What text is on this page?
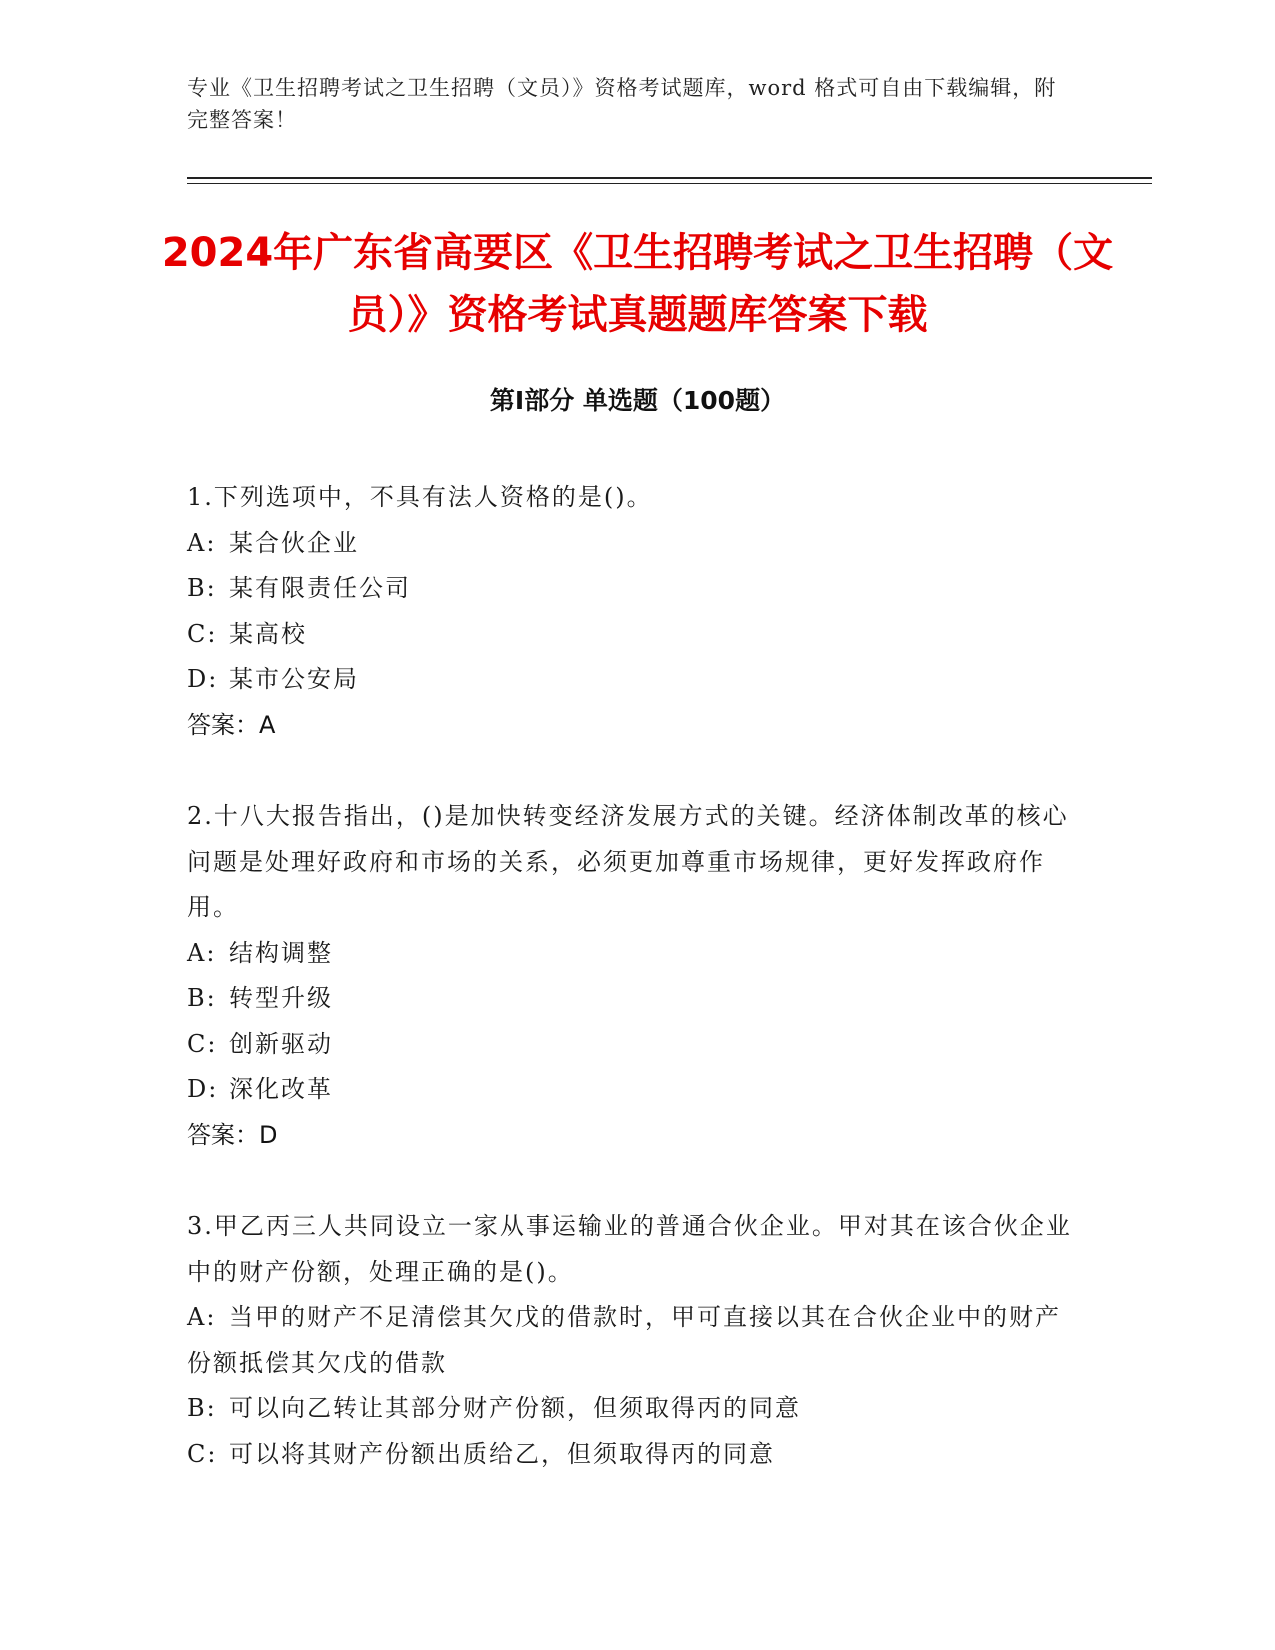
专业《卫生招聘考试之卫生招聘（文员）》资格考试题库，word 格式可自由下载编辑，附完整答案！
2024年广东省高要区《卫生招聘考试之卫生招聘（文员）》资格考试真题题库答案下载
第Ⅰ部分 单选题（100题）

1.下列选项中，不具有法人资格的是()。

A: 某合伙企业

B: 某有限责任公司

C: 某高校

D: 某市公安局

答案：A

2.十八大报告指出，()是加快转变经济发展方式的关键。经济体制改革的核心问题是处理好政府和市场的关系，必须更加尊重市场规律，更好发挥政府作用。

A: 结构调整

B: 转型升级

C: 创新驱动

D: 深化改革

答案：D

3.甲乙丙三人共同设立一家从事运输业的普通合伙企业。甲对其在该合伙企业中的财产份额，处理正确的是()。

A: 当甲的财产不足清偿其欠戊的借款时，甲可直接以其在合伙企业中的财产份额抵偿其欠戊的借款

B: 可以向乙转让其部分财产份额，但须取得丙的同意

C: 可以将其财产份额出质给乙，但须取得丙的同意
